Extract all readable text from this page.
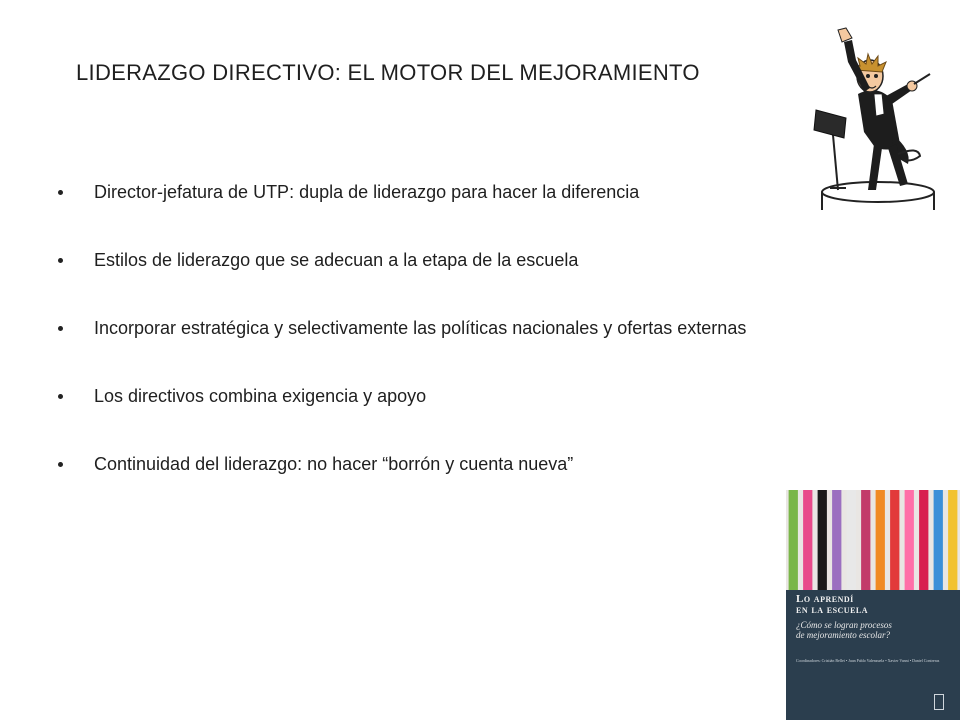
LIDERAZGO DIRECTIVO: EL MOTOR DEL MEJORAMIENTO
Director-jefatura de UTP: dupla de liderazgo para hacer la diferencia
Estilos de liderazgo que se adecuan a la etapa de la escuela
Incorporar estratégica y selectivamente las políticas nacionales y ofertas externas
Los directivos combina exigencia y apoyo
Continuidad del liderazgo: no hacer “borrón y cuenta nueva”
Lo aprendí
en la escuela
¿Cómo se logran procesos
de mejoramiento escolar?
Coordinadores: Cristián Bellei • Juan Pablo Valenzuela • Xavier Vanni • Daniel Contreras
